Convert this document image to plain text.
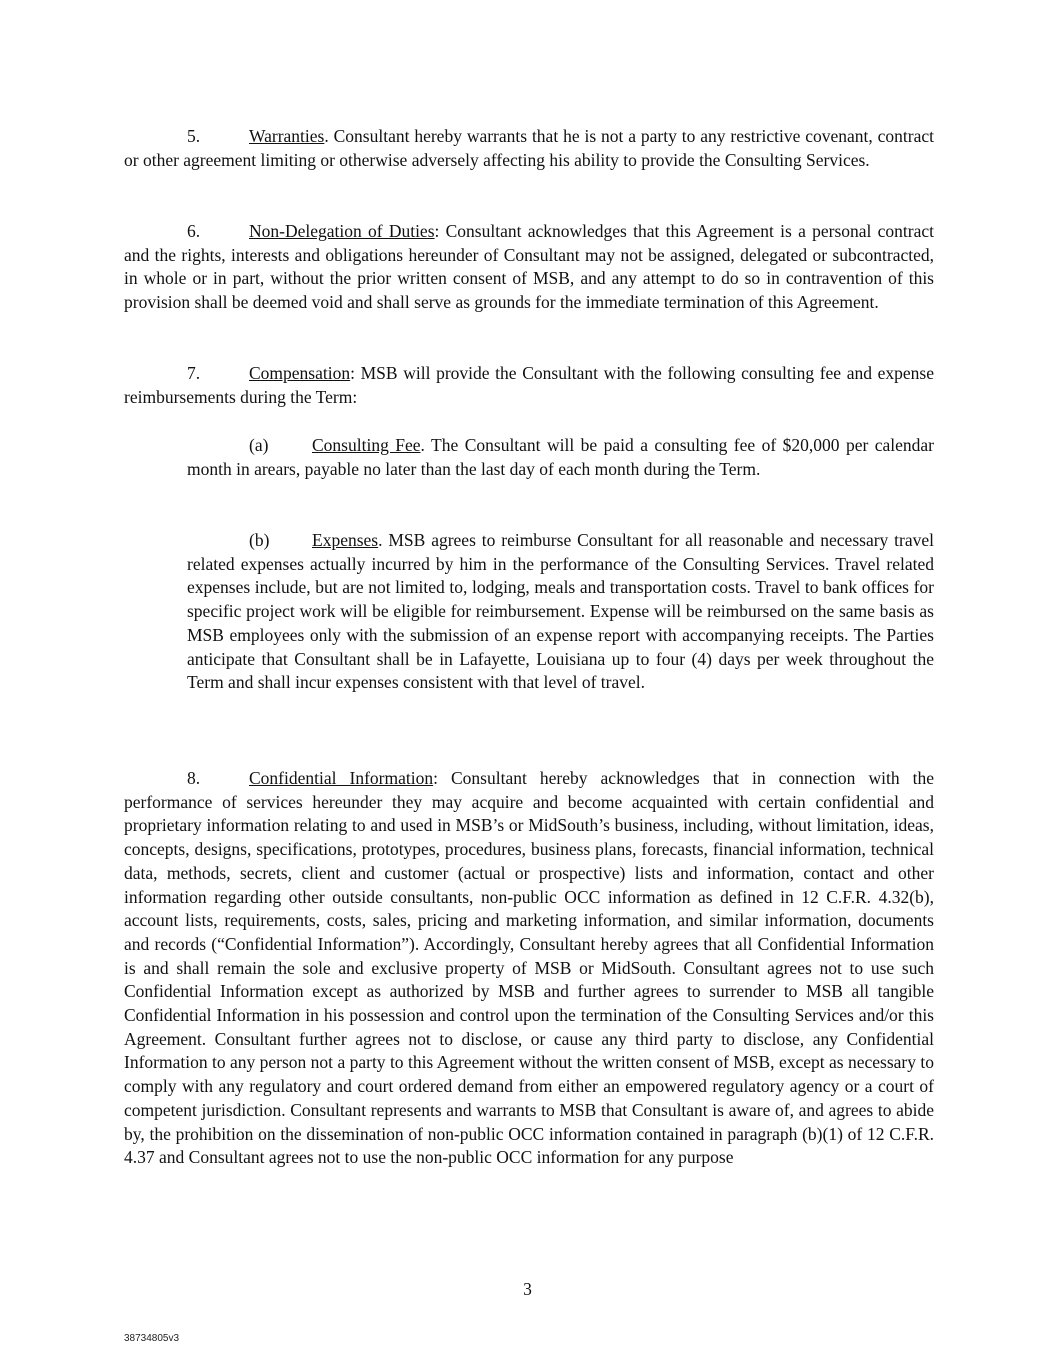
5.	Warranties. Consultant hereby warrants that he is not a party to any restrictive covenant, contract or other agreement limiting or otherwise adversely affecting his ability to provide the Consulting Services.

6.	Non-Delegation of Duties: Consultant acknowledges that this Agreement is a personal contract and the rights, interests and obligations hereunder of Consultant may not be assigned, delegated or subcontracted, in whole or in part, without the prior written consent of MSB, and any attempt to do so in contravention of this provision shall be deemed void and shall serve as grounds for the immediate termination of this Agreement.

7.	Compensation: MSB will provide the Consultant with the following consulting fee and expense reimbursements during the Term:

(a) Consulting Fee. The Consultant will be paid a consulting fee of $20,000 per calendar month in arears, payable no later than the last day of each month during the Term.

(b) Expenses. MSB agrees to reimburse Consultant for all reasonable and necessary travel related expenses actually incurred by him in the performance of the Consulting Services. Travel related expenses include, but are not limited to, lodging, meals and transportation costs. Travel to bank offices for specific project work will be eligible for reimbursement. Expense will be reimbursed on the same basis as MSB employees only with the submission of an expense report with accompanying receipts. The Parties anticipate that Consultant shall be in Lafayette, Louisiana up to four (4) days per week throughout the Term and shall incur expenses consistent with that level of travel.

8.	Confidential Information: Consultant hereby acknowledges that in connection with the performance of services hereunder they may acquire and become acquainted with certain confidential and proprietary information relating to and used in MSB’s or MidSouth’s business, including, without limitation, ideas, concepts, designs, specifications, prototypes, procedures, business plans, forecasts, financial information, technical data, methods, secrets, client and customer (actual or prospective) lists and information, contact and other information regarding other outside consultants, non-public OCC information as defined in 12 C.F.R. 4.32(b), account lists, requirements, costs, sales, pricing and marketing information, and similar information, documents and records (“Confidential Information”). Accordingly, Consultant hereby agrees that all Confidential Information is and shall remain the sole and exclusive property of MSB or MidSouth. Consultant agrees not to use such Confidential Information except as authorized by MSB and further agrees to surrender to MSB all tangible Confidential Information in his possession and control upon the termination of the Consulting Services and/or this Agreement. Consultant further agrees not to disclose, or cause any third party to disclose, any Confidential Information to any person not a party to this Agreement without the written consent of MSB, except as necessary to comply with any regulatory and court ordered demand from either an empowered regulatory agency or a court of competent jurisdiction. Consultant represents and warrants to MSB that Consultant is aware of, and agrees to abide by, the prohibition on the dissemination of non-public OCC information contained in paragraph (b)(1) of 12 C.F.R. 4.37 and Consultant agrees not to use the non-public OCC information for any purpose

3
38734805v3
